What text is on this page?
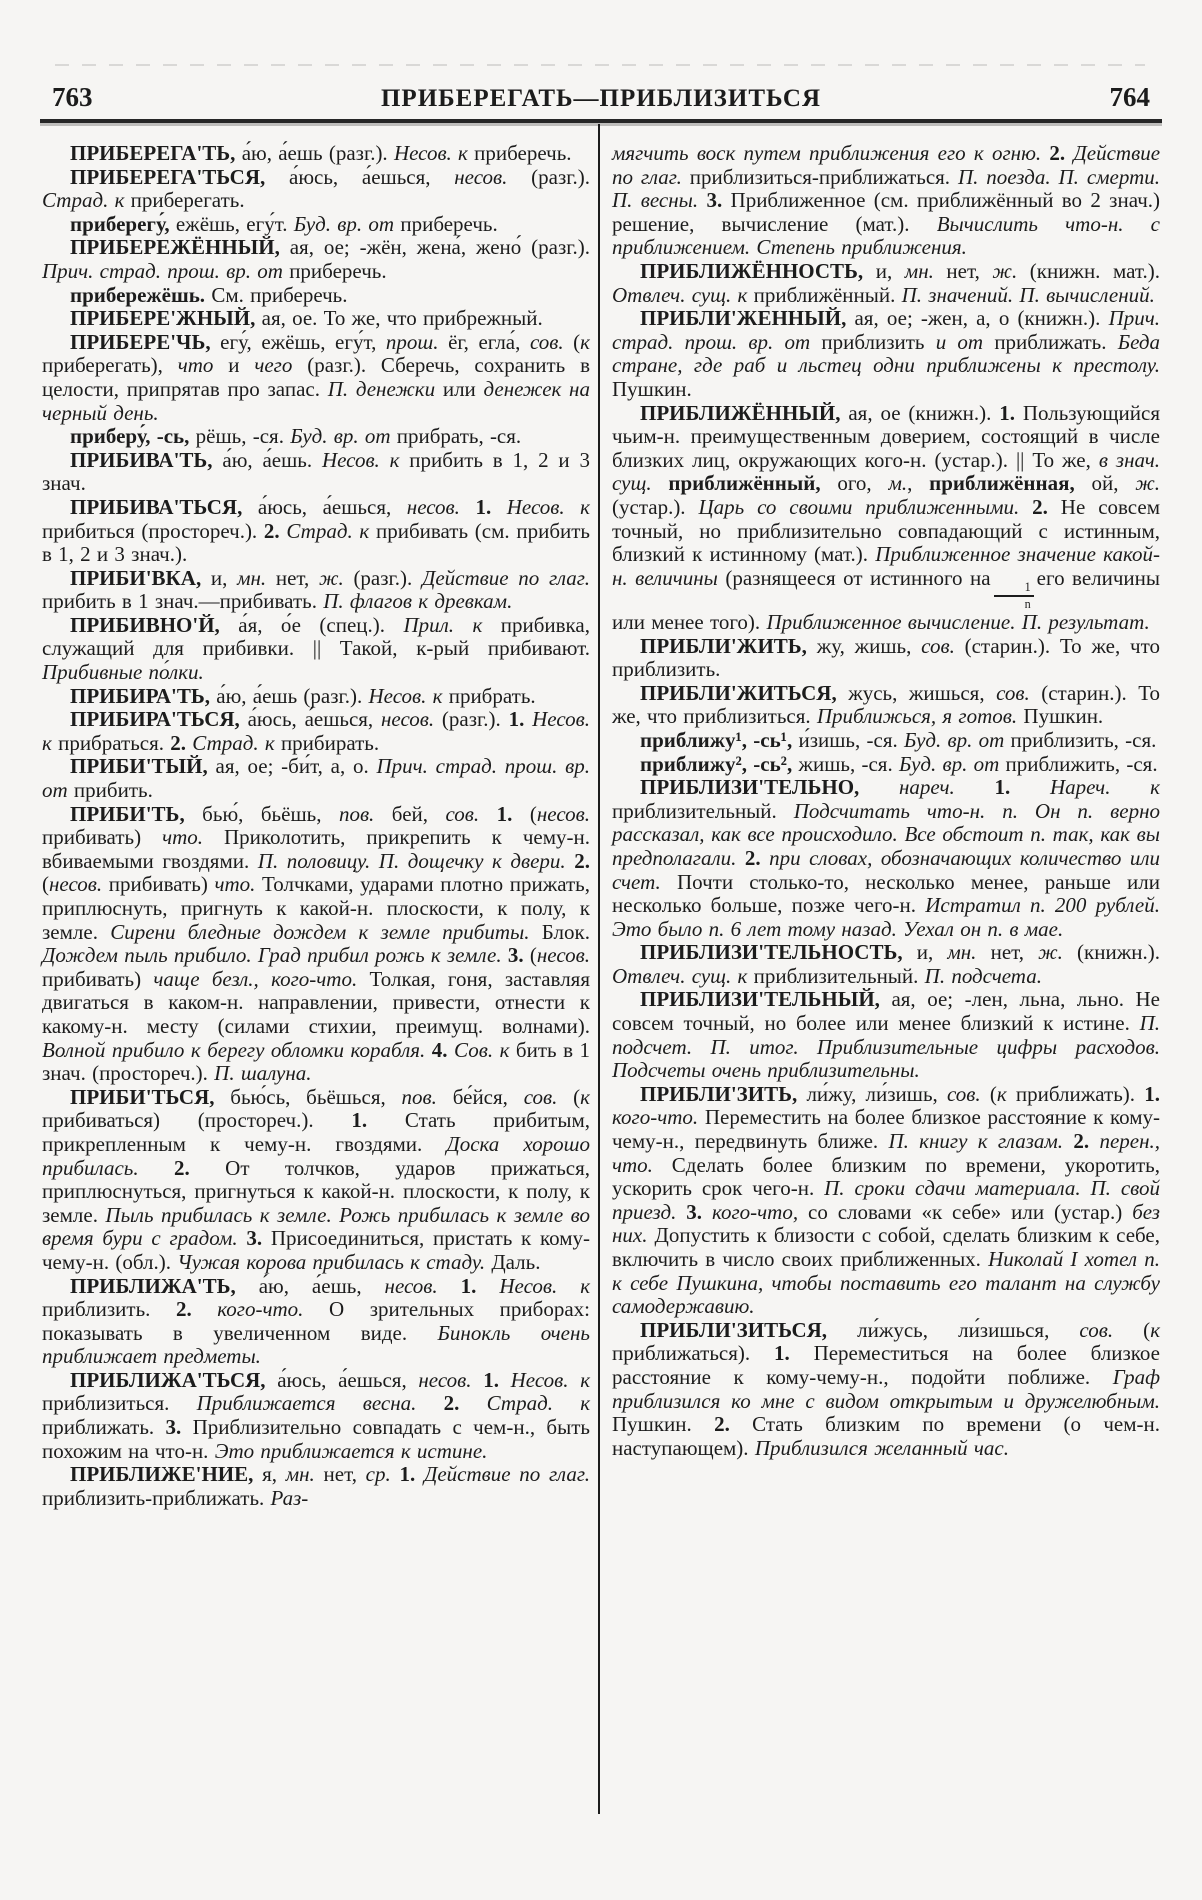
763	ПРИБЕРЕГАТЬ—ПРИБЛИЗИТЬСЯ	764

ПРИБЕРЕГА'ТЬ, а́ю, а́ешь (разг.). Несов. к приберечь.

ПРИБЕРЕГА'ТЬСЯ, а́юсь, а́ешься, несов. (разг.). Страд. к приберегать.

приберегу́, ежёшь, егу́т. Буд. вр. от приберечь.

ПРИБЕРЕЖЁННЫЙ, ая, ое; -жён, жена́, жено́ (разг.). Прич. страд. прош. вр. от приберечь.

прибережёшь. См. приберечь.

ПРИБЕРЕ'ЖНЫЙ, ая, ое. То же, что прибрежный.

ПРИБЕРЕ'ЧЬ, егу́, ежёшь, егу́т, прош. ёг, егла́, сов. (к приберегать), что и чего (разг.). Сберечь, сохранить в целости, припрятав про запас. П. денежки или денежек на черный день.

приберу́, -сь, рёшь, -ся. Буд. вр. от прибрать, -ся.

ПРИБИВА'ТЬ, а́ю, а́ешь. Несов. к прибить в 1, 2 и 3 знач.

ПРИБИВА'ТЬСЯ, а́юсь, а́ешься, несов. 1. Несов. к прибиться (простореч.). 2. Страд. к прибивать (см. прибить в 1, 2 и 3 знач.).

ПРИБИ'ВКА, и, мн. нет, ж. (разг.). Действие по глаг. прибить в 1 знач.—прибивать. П. флагов к древкам.

ПРИБИВНО'Й, а́я, о́е (спец.). Прил. к прибивка, служащий для прибивки. || Такой, к-рый прибивают. Прибивные по́лки.

ПРИБИРА'ТЬ, а́ю, а́ешь (разг.). Несов. к прибрать.

ПРИБИРА'ТЬСЯ, а́юсь, а́ешься, несов. (разг.). 1. Несов. к прибраться. 2. Страд. к прибирать.

ПРИБИ'ТЫЙ, ая, ое; -би́т, а, о. Прич. страд. прош. вр. от прибить.

ПРИБИ'ТЬ, бью́, бьёшь, пов. бей, сов. 1. (несов. прибивать) что. Приколотить, прикрепить к чему-н. вбиваемыми гвоздями. П. половицу. П. дощечку к двери. 2. (несов. прибивать) что. Толчками, ударами плотно прижать, приплюснуть, пригнуть к какой-н. плоскости, к полу, к земле. Сирени бледные дождем к земле прибиты. Блок. Дождем пыль прибило. Град прибил рожь к земле. 3. (несов. прибивать) чаще безл., кого-что. Толкая, гоня, заставляя двигаться в каком-н. направлении, привести, отнести к какому-н. месту (силами стихии, преимущ. волнами). Волной прибило к берегу обломки корабля. 4. Сов. к бить в 1 знач. (простореч.). П. шалуна.

ПРИБИ'ТЬСЯ, бью́сь, бьёшься, пов. бе́йся, сов. (к прибиваться) (простореч.). 1. Стать прибитым, прикрепленным к чему-н. гвоздями. Доска хорошо прибилась. 2. От толчков, ударов прижаться, приплюснуться, пригнуться к какой-н. плоскости, к полу, к земле. Пыль прибилась к земле. Рожь прибилась к земле во время бури с градом. 3. Присоединиться, пристать к кому-чему-н. (обл.). Чужая корова прибилась к стаду. Даль.

ПРИБЛИЖА'ТЬ, а́ю, а́ешь, несов. 1. Несов. к приблизить. 2. кого-что. О зрительных приборах: показывать в увеличенном виде. Бинокль очень приближает предметы.

ПРИБЛИЖА'ТЬСЯ, а́юсь, а́ешься, несов. 1. Несов. к приблизиться. Приближается весна. 2. Страд. к приближать. 3. Приблизительно совпадать с чем-н., быть похожим на что-н. Это приближается к истине.

ПРИБЛИЖЕ'НИЕ, я, мн. нет, ср. 1. Действие по глаг. приблизить-приближать. Раз-

мягчить воск путем приближения его к огню. 2. Действие по глаг. приблизиться-приближаться. П. поезда. П. смерти. П. весны. 3. Приближенное (см. приближённый во 2 знач.) решение, вычисление (мат.). Вычислить что-н. с приближением. Степень приближения.

ПРИБЛИЖЁННОСТЬ, и, мн. нет, ж. (книжн. мат.). Отвлеч. сущ. к приближённый. П. значений. П. вычислений.

ПРИБЛИ'ЖЕННЫЙ, ая, ое; -жен, а, о (книжн.). Прич. страд. прош. вр. от приблизить и от приближать. Беда стране, где раб и льстец одни приближены к престолу. Пушкин.

ПРИБЛИЖЁННЫЙ, ая, ое (книжн.). 1. Пользующийся чьим-н. преимущественным доверием, состоящий в числе близких лиц, окружающих кого-н. (устар.). || То же, в знач. сущ. приближённый, ого, м., приближённая, ой, ж. (устар.). Царь со своими приближенными. 2. Не совсем точный, но приблизительно совпадающий с истинным, близкий к истинному (мат.). Приближенное значение какой-н. величины (разнящееся от истинного на
$\frac{1}{n}$
его величины или менее того). Приближенное вычисление. П. результат.

ПРИБЛИ'ЖИТЬ, жу, жишь, сов. (старин.). То же, что приблизить.

ПРИБЛИ'ЖИТЬСЯ, жусь, жишься, сов. (старин.). То же, что приблизиться. Приближься, я готов. Пушкин.

приближу¹, -сь¹, и́зишь, -ся. Буд. вр. от приблизить, -ся.

приближу², -сь², жишь, -ся. Буд. вр. от приближить, -ся.

ПРИБЛИЗИ'ТЕЛЬНО, нареч. 1. Нареч. к приблизительный. Подсчитать что-н. п. Он п. верно рассказал, как все происходило. Все обстоит п. так, как вы предполагали. 2. при словах, обозначающих количество или счет. Почти столько-то, несколько менее, раньше или несколько больше, позже чего-н. Истратил п. 200 рублей. Это было п. 6 лет тому назад. Уехал он п. в мае.

ПРИБЛИЗИ'ТЕЛЬНОСТЬ, и, мн. нет, ж. (книжн.). Отвлеч. сущ. к приблизительный. П. подсчета.

ПРИБЛИЗИ'ТЕЛЬНЫЙ, ая, ое; -лен, льна, льно. Не совсем точный, но более или менее близкий к истине. П. подсчет. П. итог. Приблизительные цифры расходов. Подсчеты очень приблизительны.

ПРИБЛИ'ЗИТЬ, ли́жу, ли́зишь, сов. (к приближать). 1. кого-что. Переместить на более близкое расстояние к кому-чему-н., передвинуть ближе. П. книгу к глазам. 2. перен., что. Сделать более близким по времени, укоротить, ускорить срок чего-н. П. сроки сдачи материала. П. свой приезд. 3. кого-что, со словами «к себе» или (устар.) без них. Допустить к близости с собой, сделать близким к себе, включить в число своих приближенных. Николай I хотел п. к себе Пушкина, чтобы поставить его талант на службу самодержавию.

ПРИБЛИ'ЗИТЬСЯ, ли́жусь, ли́зишься, сов. (к приближаться). 1. Переместиться на более близкое расстояние к кому-чему-н., подойти поближе. Граф приблизился ко мне с видом открытым и дружелюбным. Пушкин. 2. Стать близким по времени (о чем-н. наступающем). Приблизился желанный час.
